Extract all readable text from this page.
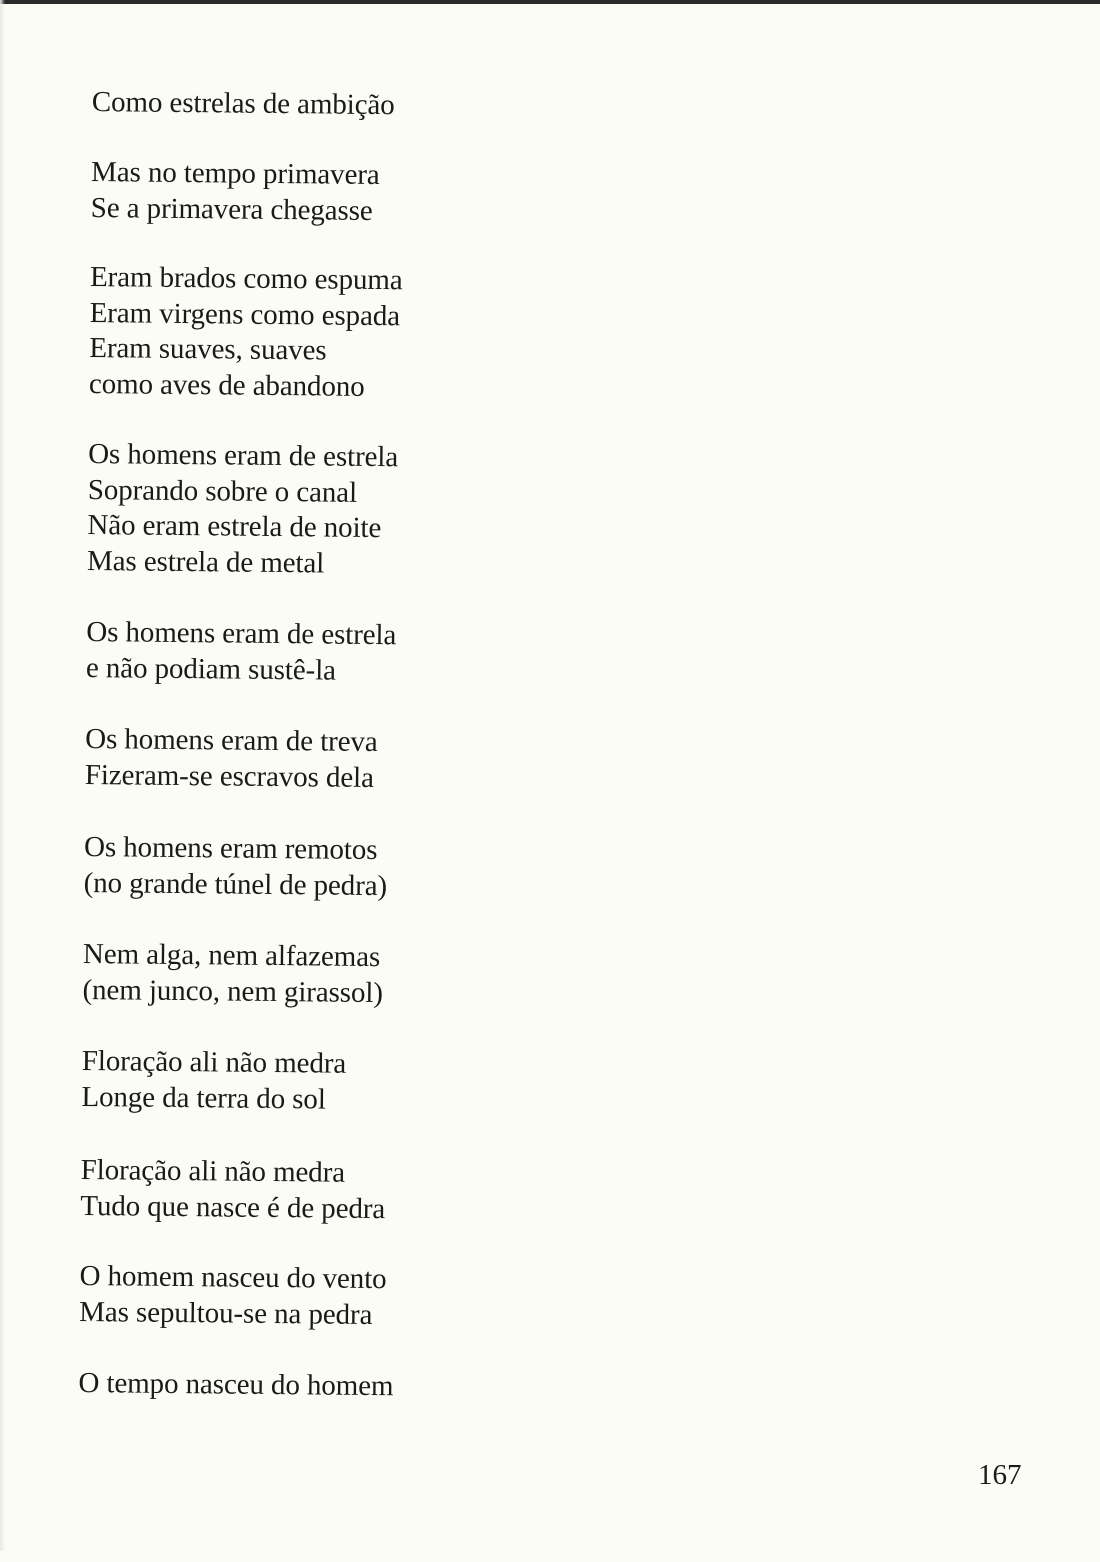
Como estrelas de ambição

Mas no tempo primavera
Se a primavera chegasse

Eram brados como espuma
Eram virgens como espada
Eram suaves, suaves
como aves de abandono

Os homens eram de estrela
Soprando sobre o canal
Não eram estrela de noite
Mas estrela de metal

Os homens eram de estrela
e não podiam sustê-la

Os homens eram de treva
Fizeram-se escravos dela

Os homens eram remotos
(no grande túnel de pedra)

Nem alga, nem alfazemas
(nem junco, nem girassol)

Floração ali não medra
Longe da terra do sol

Floração ali não medra
Tudo que nasce é de pedra

O homem nasceu do vento
Mas sepultou-se na pedra

O tempo nasceu do homem

167
